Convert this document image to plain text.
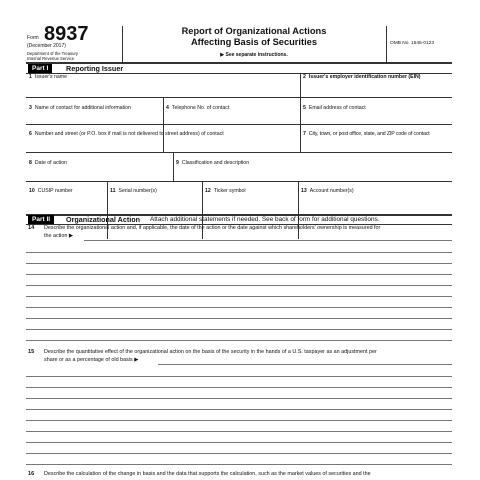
Form 8937
(December 2017)
Department of the Treasury
Internal Revenue Service
Report of Organizational Actions
Affecting Basis of Securities
▶ See separate instructions.
OMB No. 1545-0123
Part I	Reporting Issuer
1 Issuer's name	2 Issuer's employer identification number (EIN)
3 Name of contact for additional information	4 Telephone No. of contact	5 Email address of contact
6 Number and street (or P.O. box if mail is not delivered to street address) of contact	7 City, town, or post office, state, and ZIP code of contact
8 Date of action	9 Classification and description
10 CUSIP number	11 Serial number(s)	12 Ticker symbol	13 Account number(s)
Part II	Organizational Action Attach additional statements if needed. See back of form for additional questions.
14 Describe the organizational action and, if applicable, the date of the action or the date against which shareholders' ownership is measured for
the action ▶
15 Describe the quantitative effect of the organizational action on the basis of the security in the hands of a U.S. taxpayer as an adjustment per
share or as a percentage of old basis ▶
16 Describe the calculation of the change in basis and the data that supports the calculation, such as the market values of securities and the
